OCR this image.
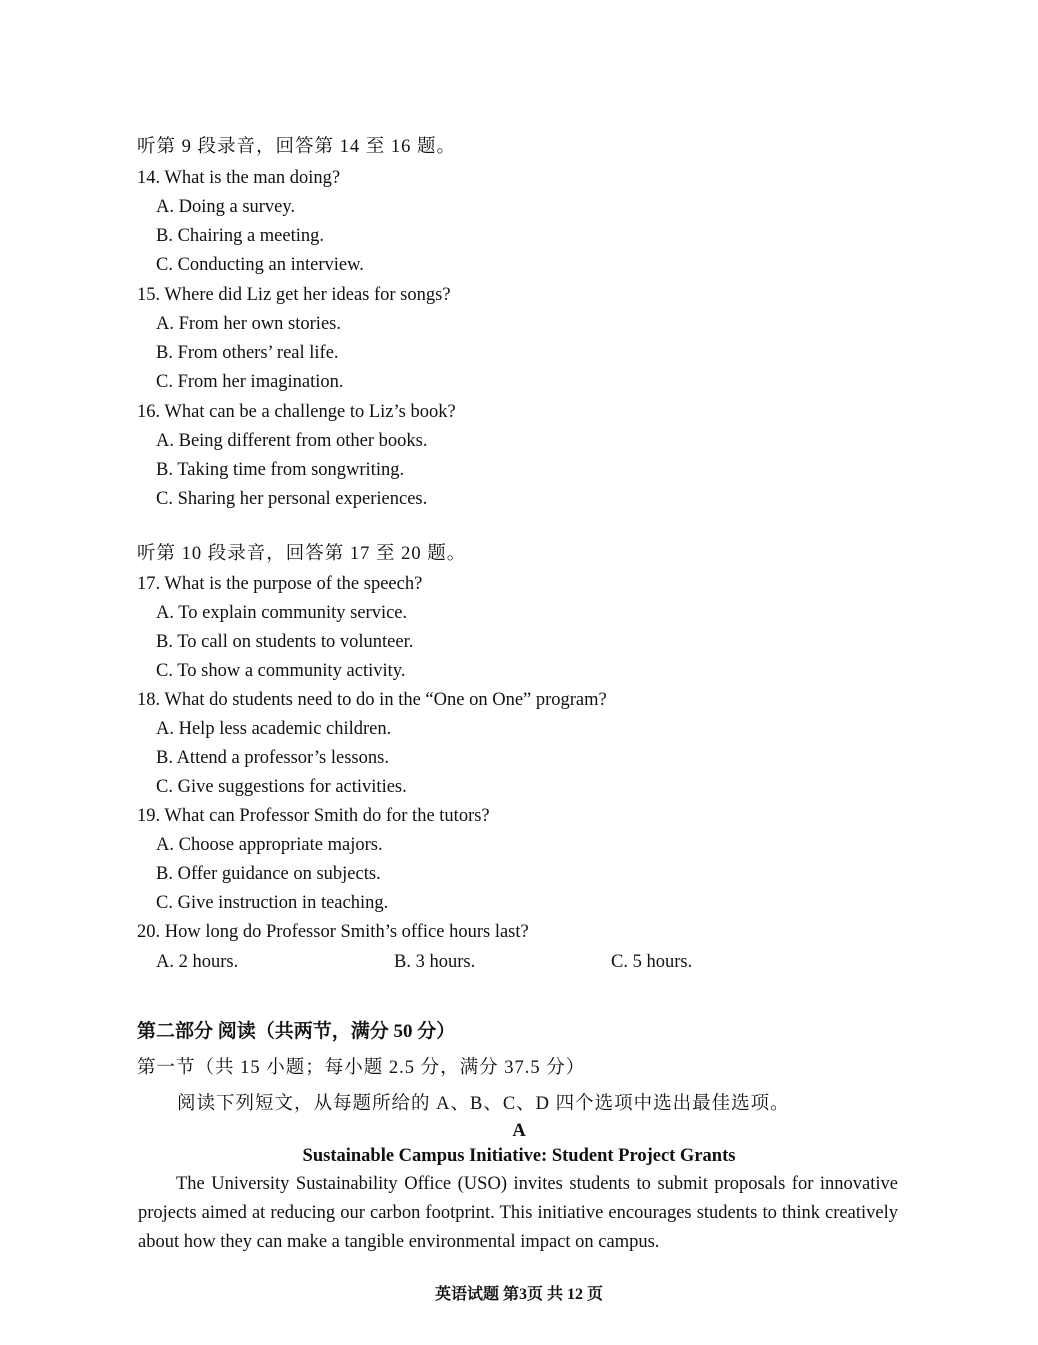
听第 9 段录音，回答第 14 至 16 题。
14. What is the man doing?
A. Doing a survey.
B. Chairing a meeting.
C. Conducting an interview.
15. Where did Liz get her ideas for songs?
A. From her own stories.
B. From others’ real life.
C. From her imagination.
16. What can be a challenge to Liz’s book?
A. Being different from other books.
B. Taking time from songwriting.
C. Sharing her personal experiences.
听第 10 段录音，回答第 17 至 20 题。
17. What is the purpose of the speech?
A. To explain community service.
B. To call on students to volunteer.
C. To show a community activity.
18. What do students need to do in the “One on One” program?
A. Help less academic children.
B. Attend a professor’s lessons.
C. Give suggestions for activities.
19. What can Professor Smith do for the tutors?
A. Choose appropriate majors.
B. Offer guidance on subjects.
C. Give instruction in teaching.
20. How long do Professor Smith’s office hours last?
A. 2 hours.	B. 3 hours.	C. 5 hours.
第二部分 阅读（共两节，满分 50 分）
第一节（共 15 小题；每小题 2.5 分，满分 37.5 分）
阅读下列短文，从每题所给的 A、B、C、D 四个选项中选出最佳选项。
A
Sustainable Campus Initiative: Student Project Grants
The University Sustainability Office (USO) invites students to submit proposals for innovative projects aimed at reducing our carbon footprint. This initiative encourages students to think creatively about how they can make a tangible environmental impact on campus.
英语试题 第3页 共 12 页
